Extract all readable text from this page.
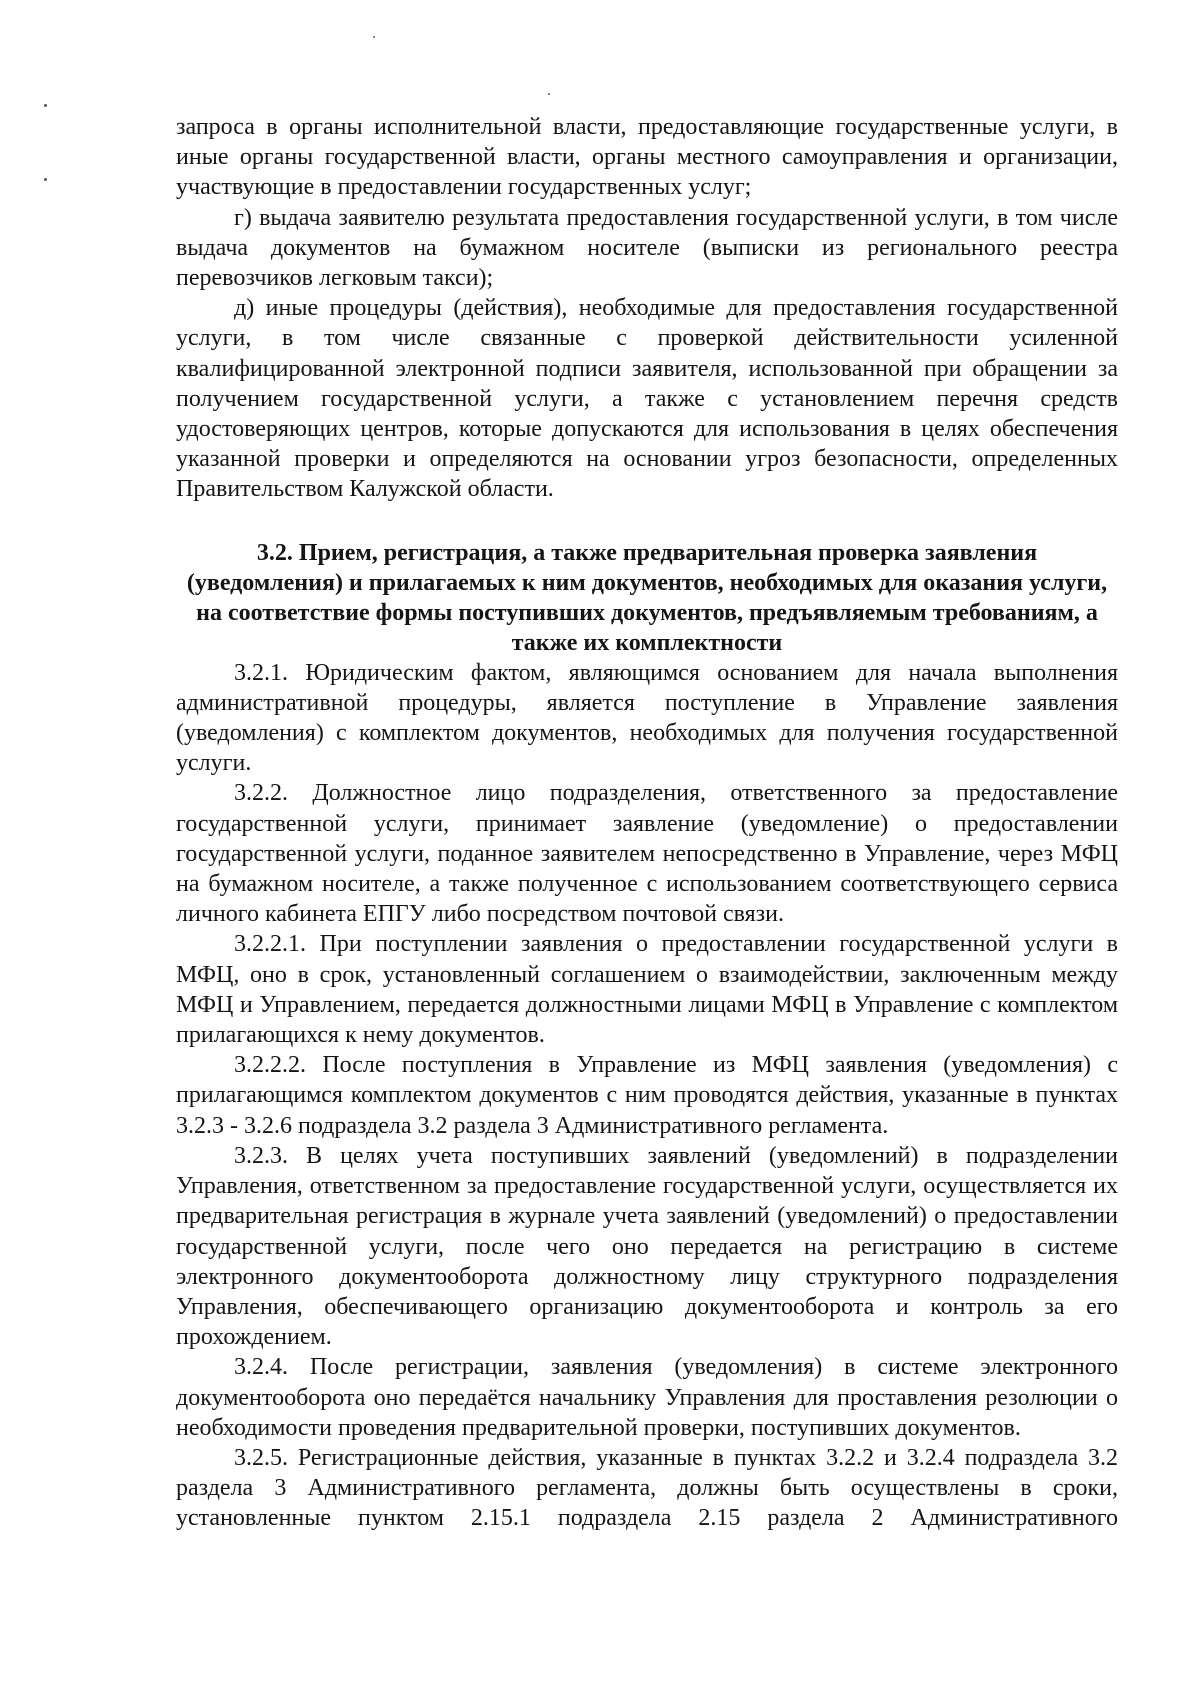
запроса в органы исполнительной власти, предоставляющие государственные услуги, в иные органы государственной власти, органы местного самоуправления и организации, участвующие в предоставлении государственных услуг;

г) выдача заявителю результата предоставления государственной услуги, в том числе выдача документов на бумажном носителе (выписки из регионального реестра перевозчиков легковым такси);

д) иные процедуры (действия), необходимые для предоставления государственной услуги, в том числе связанные с проверкой действительности усиленной квалифицированной электронной подписи заявителя, использованной при обращении за получением государственной услуги, а также с установлением перечня средств удостоверяющих центров, которые допускаются для использования в целях обеспечения указанной проверки и определяются на основании угроз безопасности, определенных Правительством Калужской области.

3.2. Прием, регистрация, а также предварительная проверка заявления (уведомления) и прилагаемых к ним документов, необходимых для оказания услуги, на соответствие формы поступивших документов, предъявляемым требованиям, а также их комплектности

3.2.1. Юридическим фактом, являющимся основанием для начала выполнения административной процедуры, является поступление в Управление заявления (уведомления) с комплектом документов, необходимых для получения государственной услуги.

3.2.2. Должностное лицо подразделения, ответственного за предоставление государственной услуги, принимает заявление (уведомление) о предоставлении государственной услуги, поданное заявителем непосредственно в Управление, через МФЦ на бумажном носителе, а также полученное с использованием соответствующего сервиса личного кабинета ЕПГУ либо посредством почтовой связи.

3.2.2.1. При поступлении заявления о предоставлении государственной услуги в МФЦ, оно в срок, установленный соглашением о взаимодействии, заключенным между МФЦ и Управлением, передается должностными лицами МФЦ в Управление с комплектом прилагающихся к нему документов.

3.2.2.2. После поступления в Управление из МФЦ заявления (уведомления) с прилагающимся комплектом документов с ним проводятся действия, указанные в пунктах 3.2.3 - 3.2.6 подраздела 3.2 раздела 3 Административного регламента.

3.2.3. В целях учета поступивших заявлений (уведомлений) в подразделении Управления, ответственном за предоставление государственной услуги, осуществляется их предварительная регистрация в журнале учета заявлений (уведомлений) о предоставлении государственной услуги, после чего оно передается на регистрацию в системе электронного документооборота должностному лицу структурного подразделения Управления, обеспечивающего организацию документооборота и контроль за его прохождением.

3.2.4. После регистрации, заявления (уведомления) в системе электронного документооборота оно передаётся начальнику Управления для проставления резолюции о необходимости проведения предварительной проверки, поступивших документов.

3.2.5. Регистрационные действия, указанные в пунктах 3.2.2 и 3.2.4 подраздела 3.2 раздела 3 Административного регламента, должны быть осуществлены в сроки, установленные пунктом 2.15.1 подраздела 2.15 раздела 2 Административного
